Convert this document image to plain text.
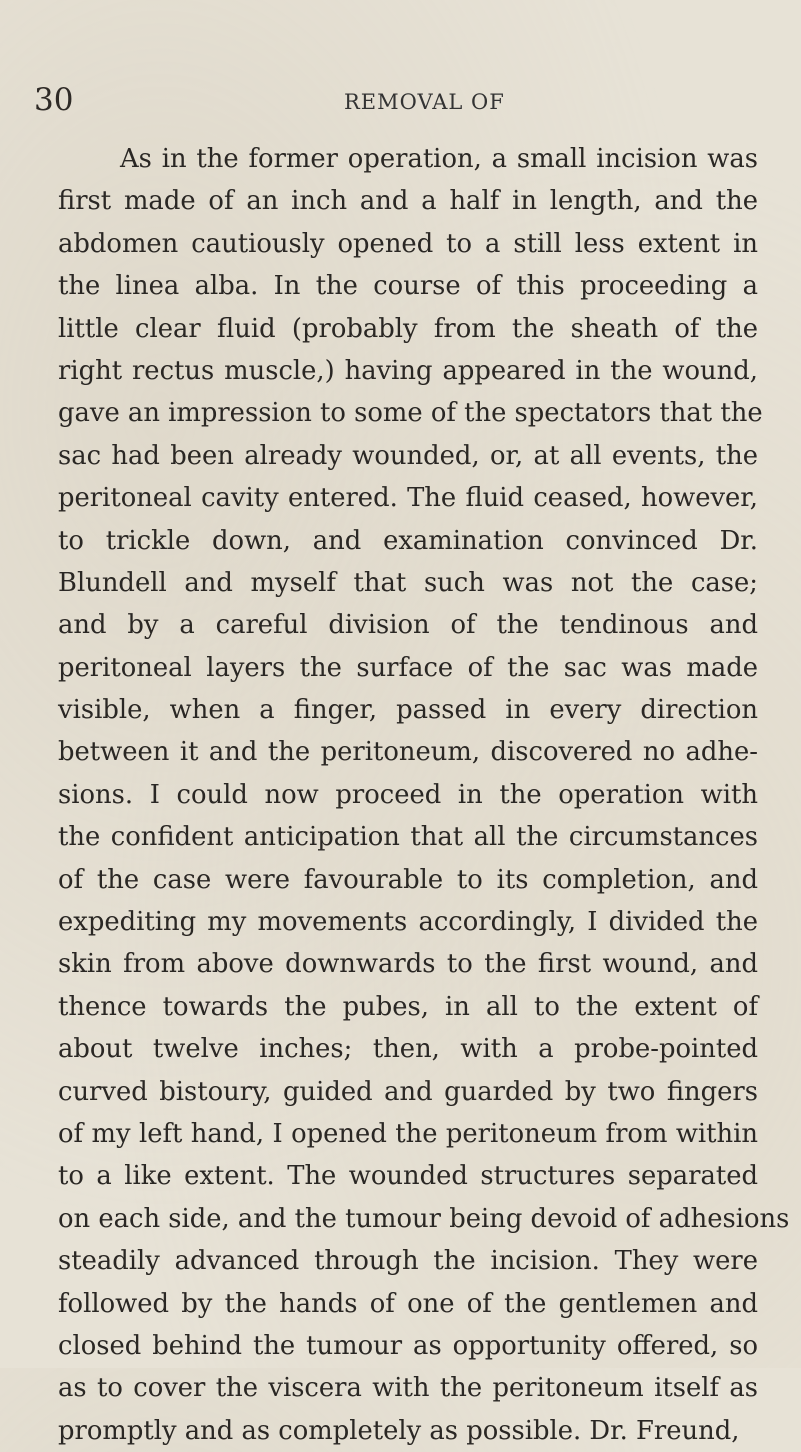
30	REMOVAL OF
As in the former operation, a small incision was
first made of an inch and a half in length, and the
abdomen cautiously opened to a still less extent in
the linea alba. In the course of this proceeding a
little clear fluid (probably from the sheath of the
right rectus muscle,) having appeared in the wound,
gave an impression to some of the spectators that the
sac had been already wounded, or, at all events, the
peritoneal cavity entered. The fluid ceased, however,
to trickle down, and examination convinced Dr.
Blundell and myself that such was not the case;
and by a careful division of the tendinous and
peritoneal layers the surface of the sac was made
visible, when a finger, passed in every direction
between it and the peritoneum, discovered no adhe-
sions. I could now proceed in the operation with
the confident anticipation that all the circumstances
of the case were favourable to its completion, and
expediting my movements accordingly, I divided the
skin from above downwards to the first wound, and
thence towards the pubes, in all to the extent of
about twelve inches; then, with a probe-pointed
curved bistoury, guided and guarded by two fingers
of my left hand, I opened the peritoneum from within
to a like extent. The wounded structures separated
on each side, and the tumour being devoid of adhesions
steadily advanced through the incision. They were
followed by the hands of one of the gentlemen and
closed behind the tumour as opportunity offered, so
as to cover the viscera with the peritoneum itself as
promptly and as completely as possible. Dr. Freund,
